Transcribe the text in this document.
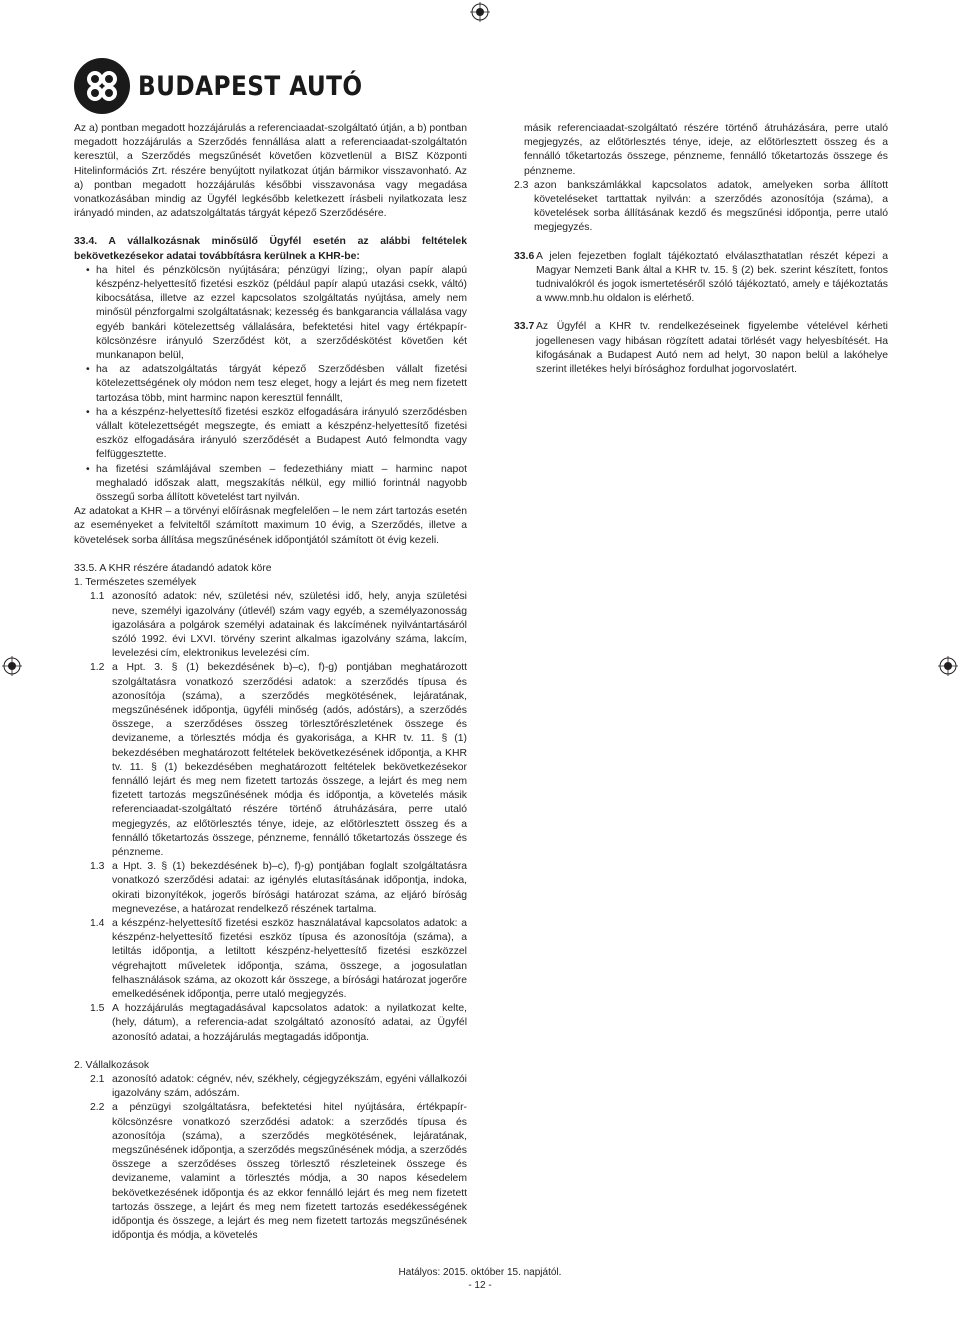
BUDAPEST AUTÓ

Az a) pontban megadott hozzájárulás a referenciaadat-szolgáltató útján, a b) pontban megadott hozzájárulás a Szerződés fennállása alatt a referenciaadat-szolgáltatón keresztül, a Szerződés megszűnését követően közvetlenül a BISZ Központi Hitelinformációs Zrt. részére benyújtott nyilatkozat útján bármikor visszavonható. Az a) pontban megadott hozzájárulás későbbi visszavonása vagy megadása vonatkozásában mindig az Ügyfél legkésőbb keletkezett írásbeli nyilatkozata lesz irányadó minden, az adatszolgáltatás tárgyát képező Szerződésére.

33.4. A vállalkozásnak minősülő Ügyfél esetén az alábbi feltételek bekövetkezésekor adatai továbbításra kerülnek a KHR-be:

• ha hitel és pénzkölcsön nyújtására; pénzügyi lízing;, olyan papír alapú készpénz-helyettesítő fizetési eszköz (például papír alapú utazási csekk, váltó) kibocsátása, illetve az ezzel kapcsolatos szolgáltatás nyújtása, amely nem minősül pénzforgalmi szolgáltatásnak; kezesség és bankgarancia vállalása vagy egyéb bankári kötelezettség vállalására, befektetési hitel vagy értékpapír-kölcsönzésre irányuló Szerződést köt, a szerződéskötést követően két munkanapon belül,
• ha az adatszolgáltatás tárgyát képező Szerződésben vállalt fizetési kötelezettségének oly módon nem tesz eleget, hogy a lejárt és meg nem fizetett tartozása több, mint harminc napon keresztül fennállt,
• ha a készpénz-helyettesítő fizetési eszköz elfogadására irányuló szerződésben vállalt kötelezettségét megszegte, és emiatt a készpénz-helyettesítő fizetési eszköz elfogadására irányuló szerződését a Budapest Autó felmondta vagy felfüggesztette.
• ha fizetési számlájával szemben – fedezethiány miatt – harminc napot meghaladó időszak alatt, megszakítás nélkül, egy millió forintnál nagyobb összegű sorba állított követelést tart nyilván.

Az adatokat a KHR – a törvényi előírásnak megfelelően – le nem zárt tartozás esetén az eseményeket a felviteltől számított maximum 10 évig, a Szerződés, illetve a követelések sorba állítása megszűnésének időpontjától számított öt évig kezeli.

33.5. A KHR részére átadandó adatok köre

1. Természetes személyek

1.1 azonosító adatok: név, születési név, születési idő, hely, anyja születési neve, személyi igazolvány (útlevél) szám vagy egyéb, a személyazonosság igazolására a polgárok személyi adatainak és lakcímének nyilvántartásáról szóló 1992. évi LXVI. törvény szerint alkalmas igazolvány száma, lakcím, levelezési cím, elektronikus levelezési cím.
1.2 a Hpt. 3. § (1) bekezdésének b)–c), f)-g) pontjában meghatározott szolgáltatásra vonatkozó szerződési adatok: a szerződés típusa és azonosítója (száma), a szerződés megkötésének, lejáratának, megszűnésének időpontja, ügyféli minőség (adós, adóstárs), a szerződés összege, a szerződéses összeg törlesztőrészletének összege és devizaneme, a törlesztés módja és gyakorisága, a KHR tv. 11. § (1) bekezdésében meghatározott feltételek bekövetkezésének időpontja, a KHR tv. 11. § (1) bekezdésében meghatározott feltételek bekövetkezésekor fennálló lejárt és meg nem fizetett tartozás összege, a lejárt és meg nem fizetett tartozás megszűnésének módja és időpontja, a követelés másik referenciaadat-szolgáltató részére történő átruházására, perre utaló megjegyzés, az előtörlesztés ténye, ideje, az előtörlesztett összeg és a fennálló tőketartozás összege, pénzneme, fennálló tőketartozás összege és pénzneme.
1.3 a Hpt. 3. § (1) bekezdésének b)–c), f)-g) pontjában foglalt szolgáltatásra vonatkozó szerződési adatai: az igénylés elutasításának időpontja, indoka, okirati bizonyítékok, jogerős bírósági határozat száma, az eljáró bíróság megnevezése, a határozat rendelkező részének tartalma.
1.4 a készpénz-helyettesítő fizetési eszköz használatával kapcsolatos adatok: a készpénz-helyettesítő fizetési eszköz típusa és azonosítója (száma), a letiltás időpontja, a letiltott készpénz-helyettesítő fizetési eszközzel végrehajtott műveletek időpontja, száma, összege, a jogosulatlan felhasználások száma, az okozott kár összege, a bírósági határozat jogerőre emelkedésének időpontja, perre utaló megjegyzés.
1.5 A hozzájárulás megtagadásával kapcsolatos adatok: a nyilatkozat kelte, (hely, dátum), a referencia-adat szolgáltató azonosító adatai, az Ügyfél azonosító adatai, a hozzájárulás megtagadás időpontja.

2. Vállalkozások

2.1 azonosító adatok: cégnév, név, székhely, cégjegyzékszám, egyéni vállalkozói igazolvány szám, adószám.
2.2 a pénzügyi szolgáltatásra, befektetési hitel nyújtására, értékpapír-kölcsönzésre vonatkozó szerződési adatok: a szerződés típusa és azonosítója (száma), a szerződés megkötésének, lejáratának, megszűnésének időpontja, a szerződés megszűnésének módja, a szerződés összege a szerződéses összeg törlesztő részleteinek összege és devizaneme, valamint a törlesztés módja, a 30 napos késedelem bekövetkezésének időpontja és az ekkor fennálló lejárt és meg nem fizetett tartozás összege, a lejárt és meg nem fizetett tartozás esedékességének időpontja és összege, a lejárt és meg nem fizetett tartozás megszűnésének időpontja és módja, a követelés

másik referenciaadat-szolgáltató részére történő átruházására, perre utaló megjegyzés, az előtörlesztés ténye, ideje, az előtörlesztett összeg és a fennálló tőketartozás összege, pénzneme, fennálló tőketartozás összege és pénzneme.

2.3 azon bankszámlákkal kapcsolatos adatok, amelyeken sorba állított követeléseket tarttattak nyilván: a szerződés azonosítója (száma), a követelések sorba állításának kezdő és megszűnési időpontja, perre utaló megjegyzés.
33.6 A jelen fejezetben foglalt tájékoztató elválaszthatatlan részét képezi a Magyar Nemzeti Bank által a KHR tv. 15. § (2) bek. szerint készített, fontos tudnivalókról és jogok ismertetéséről szóló tájékoztató, amely e tájékoztatás a www.mnb.hu oldalon is elérhető.
33.7 Az Ügyfél a KHR tv. rendelkezéseinek figyelembe vételével kérheti jogellenesen vagy hibásan rögzített adatai törlését vagy helyesbítését. Ha kifogásának a Budapest Autó nem ad helyt, 30 napon belül a lakóhelye szerint illetékes helyi bírósághoz fordulhat jogorvoslatért.
Hatályos: 2015. október 15. napjától.
- 12 -
